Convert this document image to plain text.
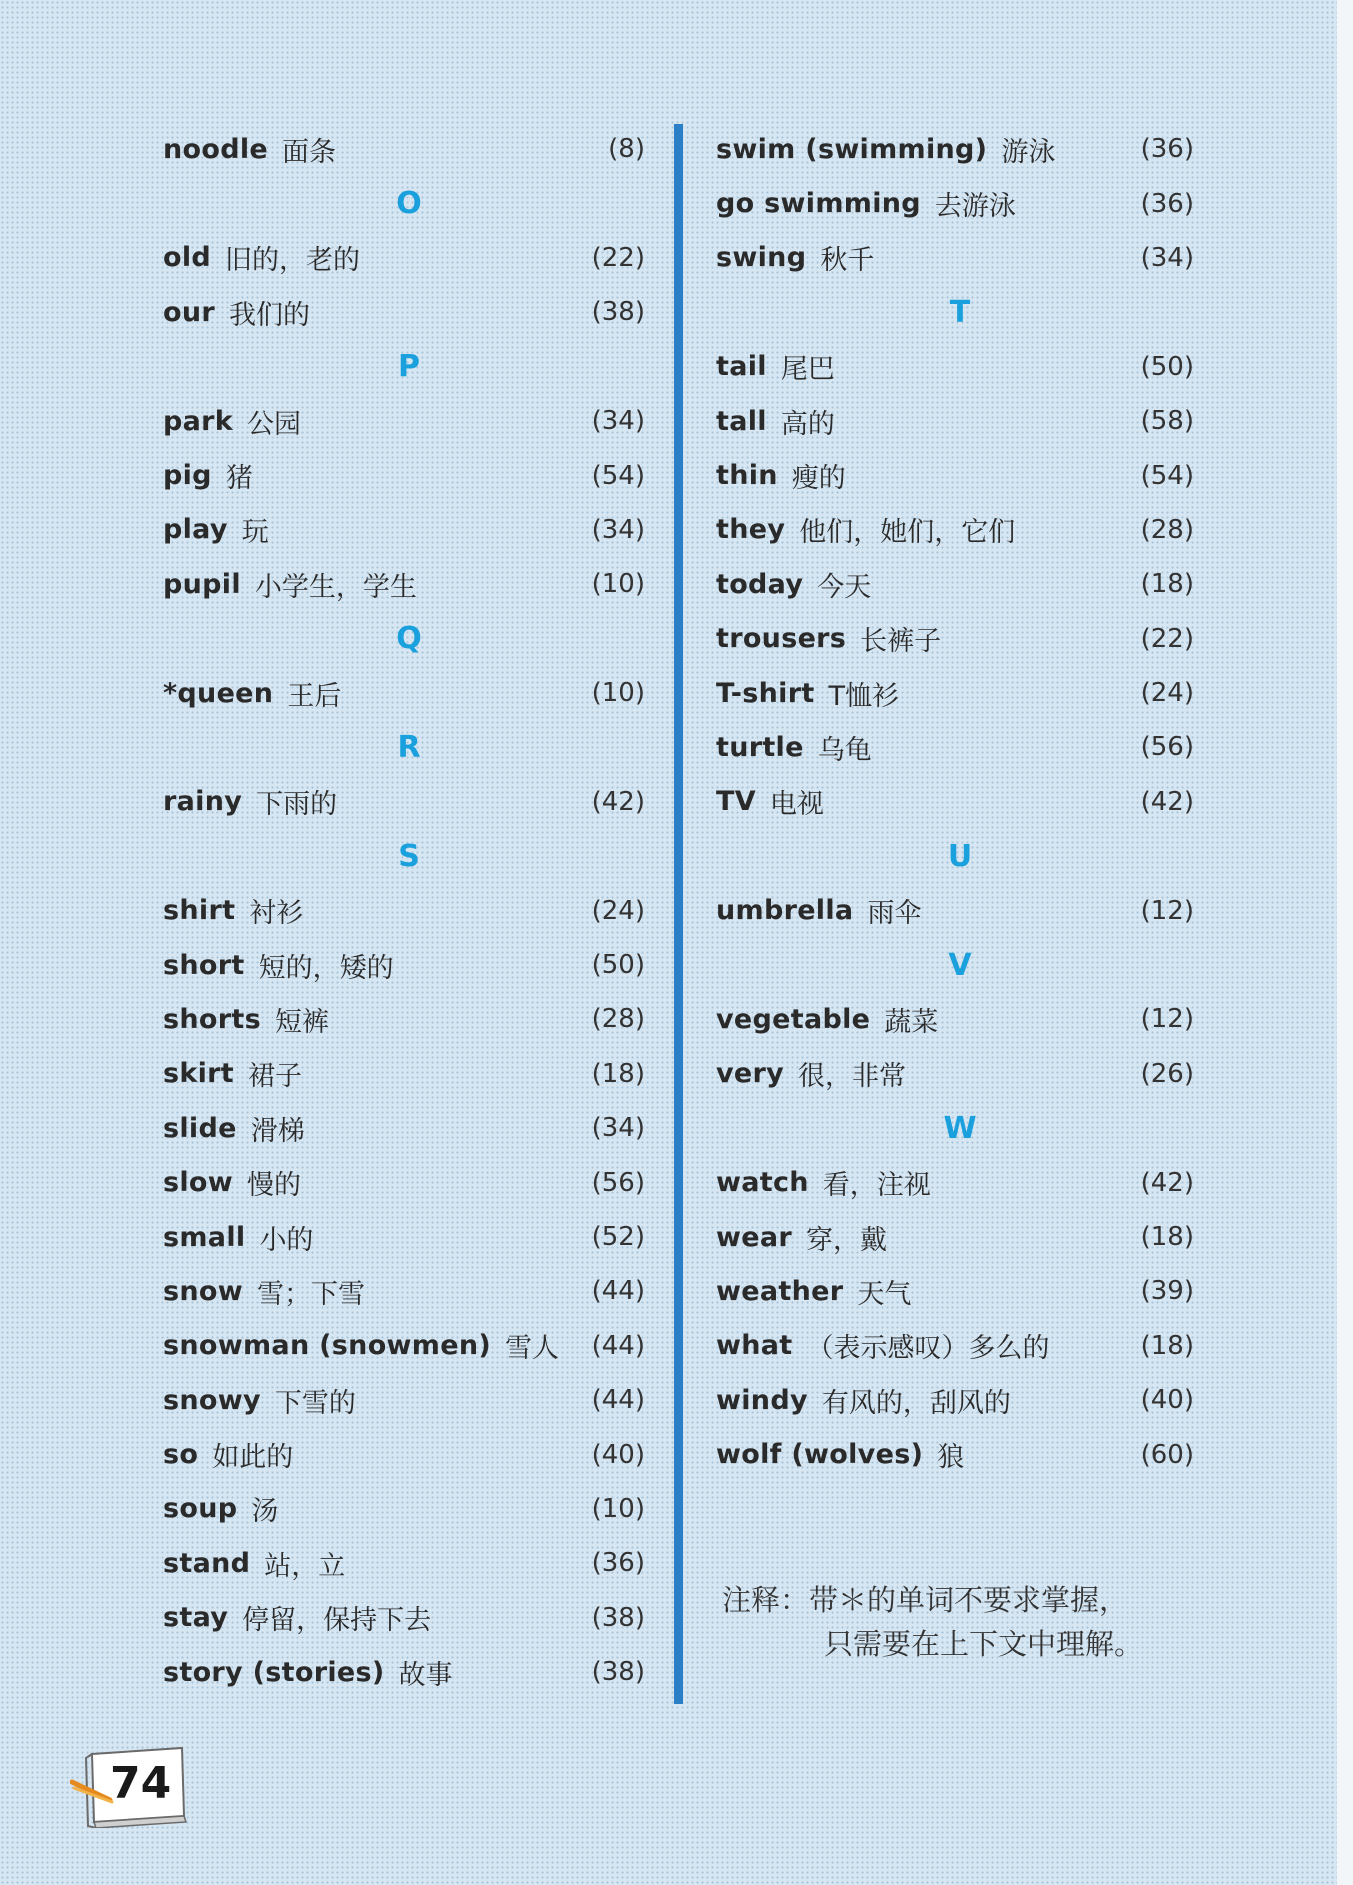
noodle 面条	(8)
O
old 旧的，老的	(22)
our 我们的	(38)
P
park 公园	(34)
pig 猪	(54)
play 玩	(34)
pupil 小学生，学生	(10)
Q
*queen 王后	(10)
R
rainy 下雨的	(42)
S
shirt 衬衫	(24)
short 短的，矮的	(50)
shorts 短裤	(28)
skirt 裙子	(18)
slide 滑梯	(34)
slow 慢的	(56)
small 小的	(52)
snow 雪；下雪	(44)
snowman (snowmen) 雪人 (44)
snowy 下雪的	(44)
so 如此的	(40)
soup 汤	(10)
stand 站，立	(36)
stay 停留，保持下去	(38)
story (stories) 故事	(38)
swim (swimming) 游泳	(36)
go swimming 去游泳	(36)
swing 秋千	(34)
T
tail 尾巴	(50)
tall 高的	(58)
thin 瘦的	(54)
they 他们，她们，它们	(28)
today 今天	(18)
trousers 长裤子	(22)
T-shirt T恤衫	(24)
turtle 乌龟	(56)
TV 电视	(42)
U
umbrella 雨伞	(12)
V
vegetable 蔬菜	(12)
very 很，非常	(26)
W
watch 看，注视	(42)
wear 穿，戴	(18)
weather 天气	(39)
what （表示感叹）多么的	(18)
windy 有风的，刮风的	(40)
wolf (wolves) 狼	(60)
注释：带＊的单词不要求掌握，
只需要在上下文中理解。
74
